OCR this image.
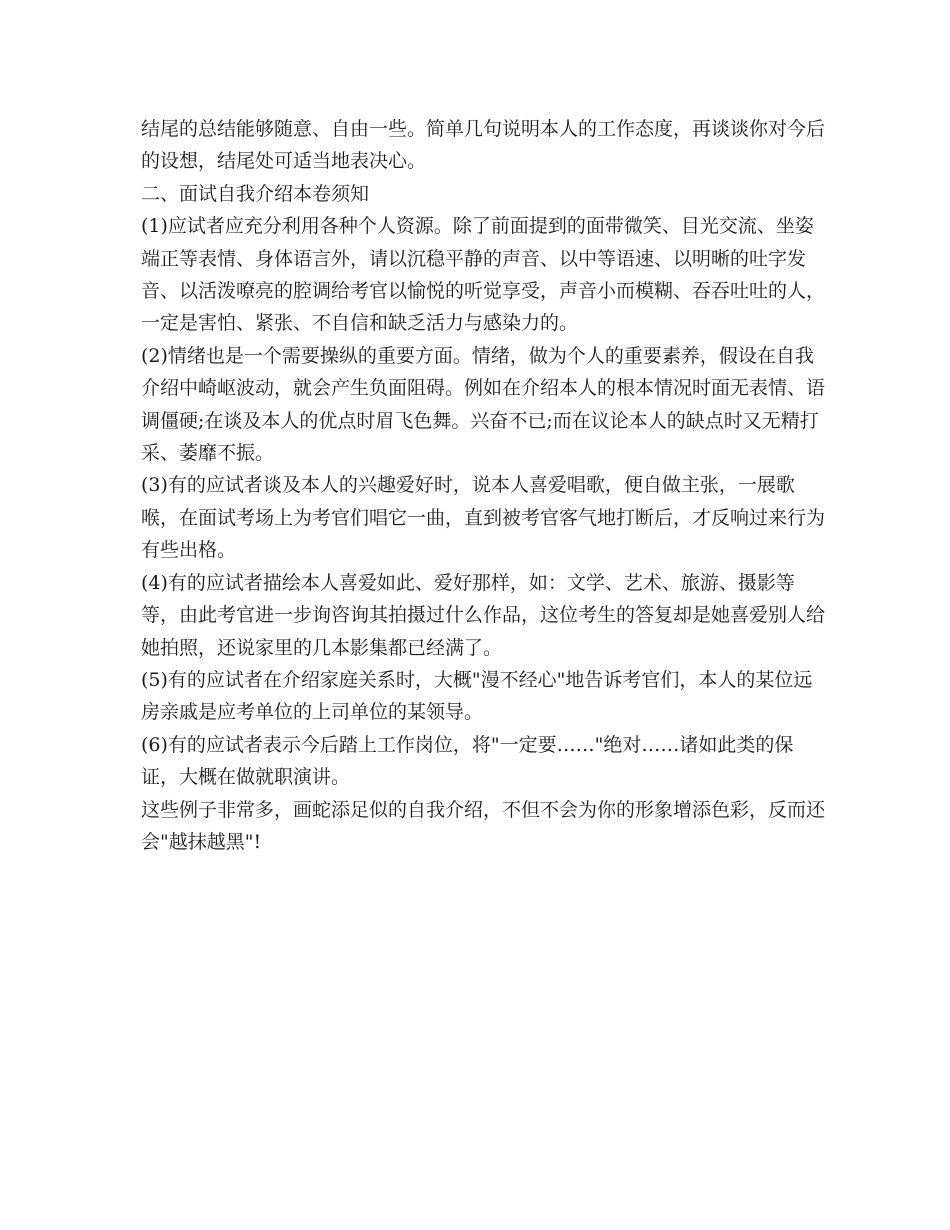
结尾的总结能够随意、自由一些。简单几句说明本人的工作态度，再谈谈你对今后
的设想，结尾处可适当地表决心。

二、面试自我介绍本卷须知

(1)应试者应充分利用各种个人资源。除了前面提到的面带微笑、目光交流、坐姿
端正等表情、身体语言外，请以沉稳平静的声音、以中等语速、以明晰的吐字发
音、以活泼嘹亮的腔调给考官以愉悦的听觉享受，声音小而模糊、吞吞吐吐的人，
一定是害怕、紧张、不自信和缺乏活力与感染力的。

(2)情绪也是一个需要操纵的重要方面。情绪，做为个人的重要素养，假设在自我
介绍中崎岖波动，就会产生负面阻碍。例如在介绍本人的根本情况时面无表情、语
调僵硬;在谈及本人的优点时眉飞色舞。兴奋不已;而在议论本人的缺点时又无精打
采、萎靡不振。

(3)有的应试者谈及本人的兴趣爱好时，说本人喜爱唱歌，便自做主张，一展歌
喉，在面试考场上为考官们唱它一曲，直到被考官客气地打断后，才反响过来行为
有些出格。

(4)有的应试者描绘本人喜爱如此、爱好那样，如：文学、艺术、旅游、摄影等
等，由此考官进一步询咨询其拍摄过什么作品，这位考生的答复却是她喜爱别人给
她拍照，还说家里的几本影集都已经满了。

(5)有的应试者在介绍家庭关系时，大概"漫不经心"地告诉考官们，本人的某位远
房亲戚是应考单位的上司单位的某领导。

(6)有的应试者表示今后踏上工作岗位，将"一定要……"绝对……诸如此类的保
证，大概在做就职演讲。

这些例子非常多，画蛇添足似的自我介绍，不但不会为你的形象增添色彩，反而还
会"越抹越黑"!
